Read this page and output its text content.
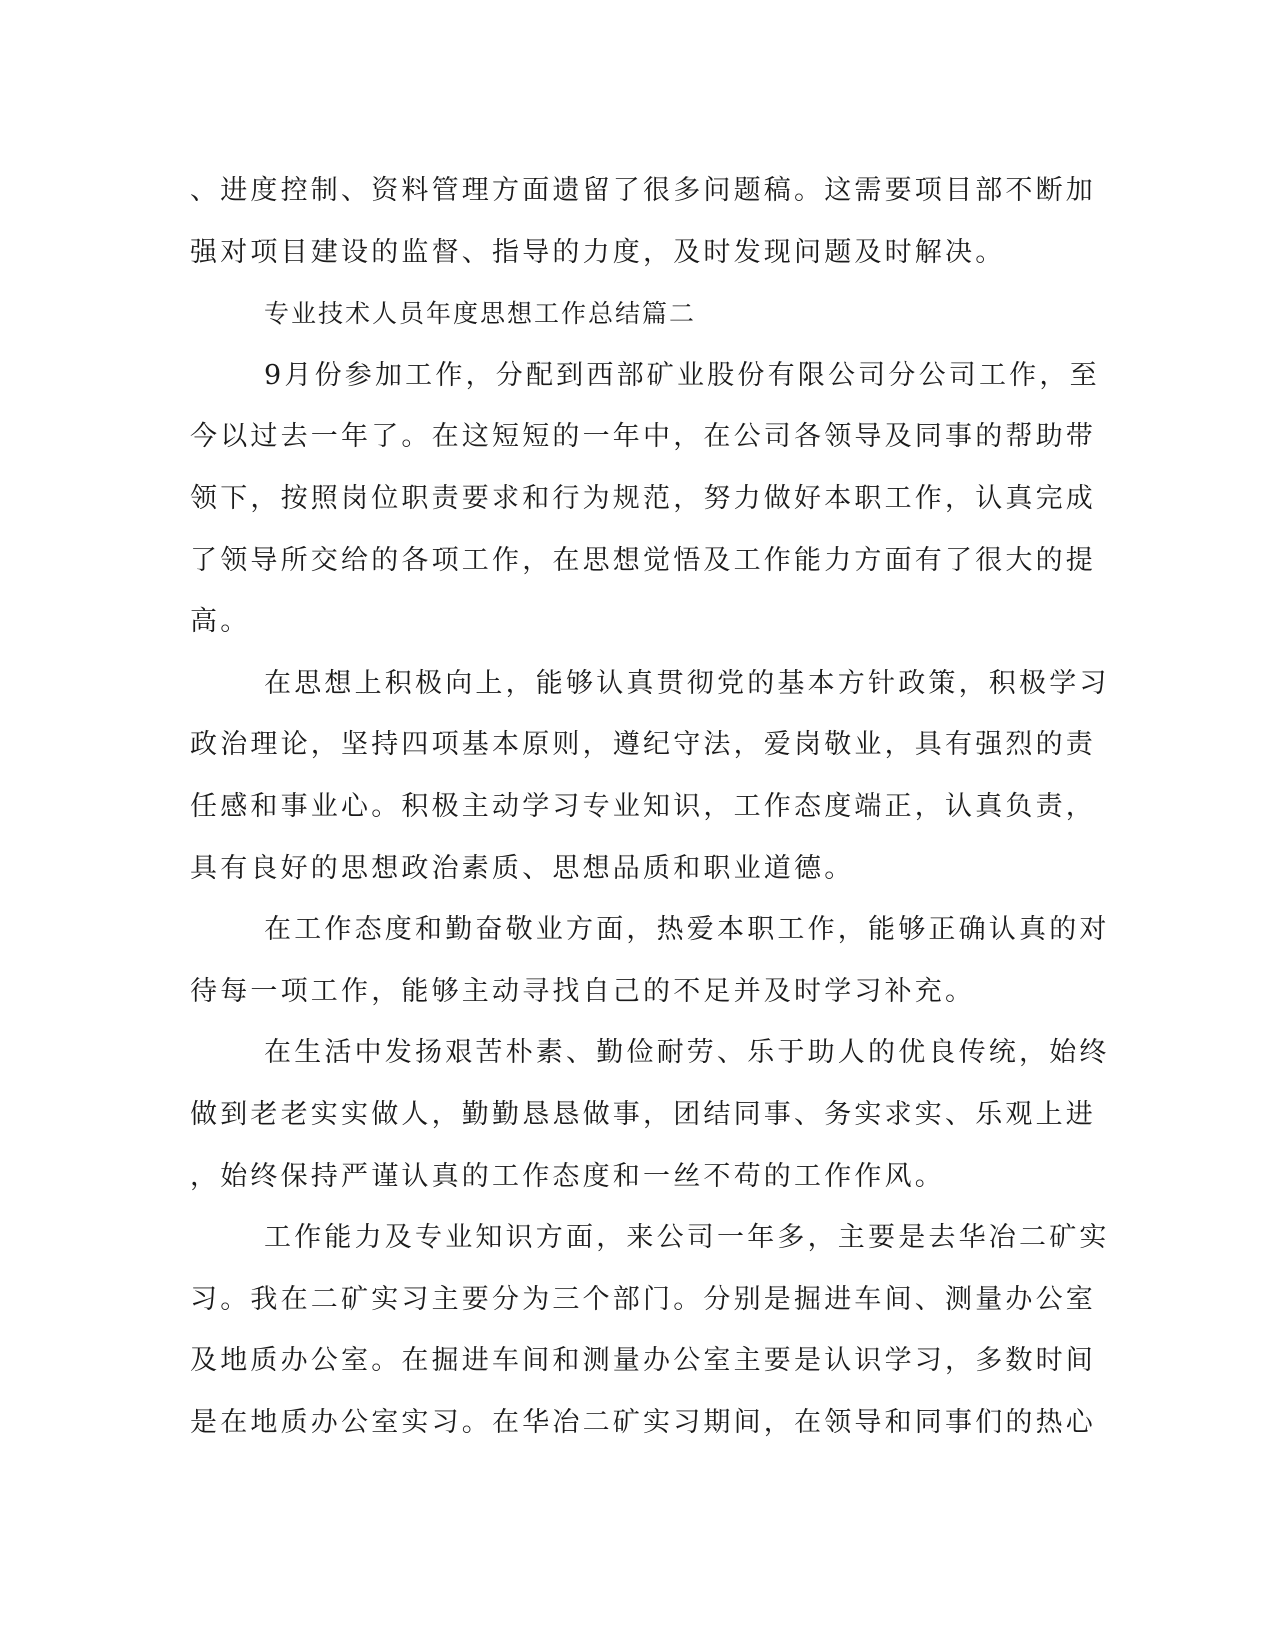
、进度控制、资料管理方面遗留了很多问题稿。这需要项目部不断加

强对项目建设的监督、指导的力度，及时发现问题及时解决。

专业技术人员年度思想工作总结篇二

9月份参加工作，分配到西部矿业股份有限公司分公司工作，至

今以过去一年了。在这短短的一年中，在公司各领导及同事的帮助带

领下，按照岗位职责要求和行为规范，努力做好本职工作，认真完成

了领导所交给的各项工作，在思想觉悟及工作能力方面有了很大的提

高。

在思想上积极向上，能够认真贯彻党的基本方针政策，积极学习

政治理论，坚持四项基本原则，遵纪守法，爱岗敬业，具有强烈的责

任感和事业心。积极主动学习专业知识，工作态度端正，认真负责，

具有良好的思想政治素质、思想品质和职业道德。

在工作态度和勤奋敬业方面，热爱本职工作，能够正确认真的对

待每一项工作，能够主动寻找自己的不足并及时学习补充。

在生活中发扬艰苦朴素、勤俭耐劳、乐于助人的优良传统，始终

做到老老实实做人，勤勤恳恳做事，团结同事、务实求实、乐观上进

，始终保持严谨认真的工作态度和一丝不苟的工作作风。

工作能力及专业知识方面，来公司一年多，主要是去华冶二矿实

习。我在二矿实习主要分为三个部门。分别是掘进车间、测量办公室

及地质办公室。在掘进车间和测量办公室主要是认识学习，多数时间

是在地质办公室实习。在华冶二矿实习期间，在领导和同事们的热心
